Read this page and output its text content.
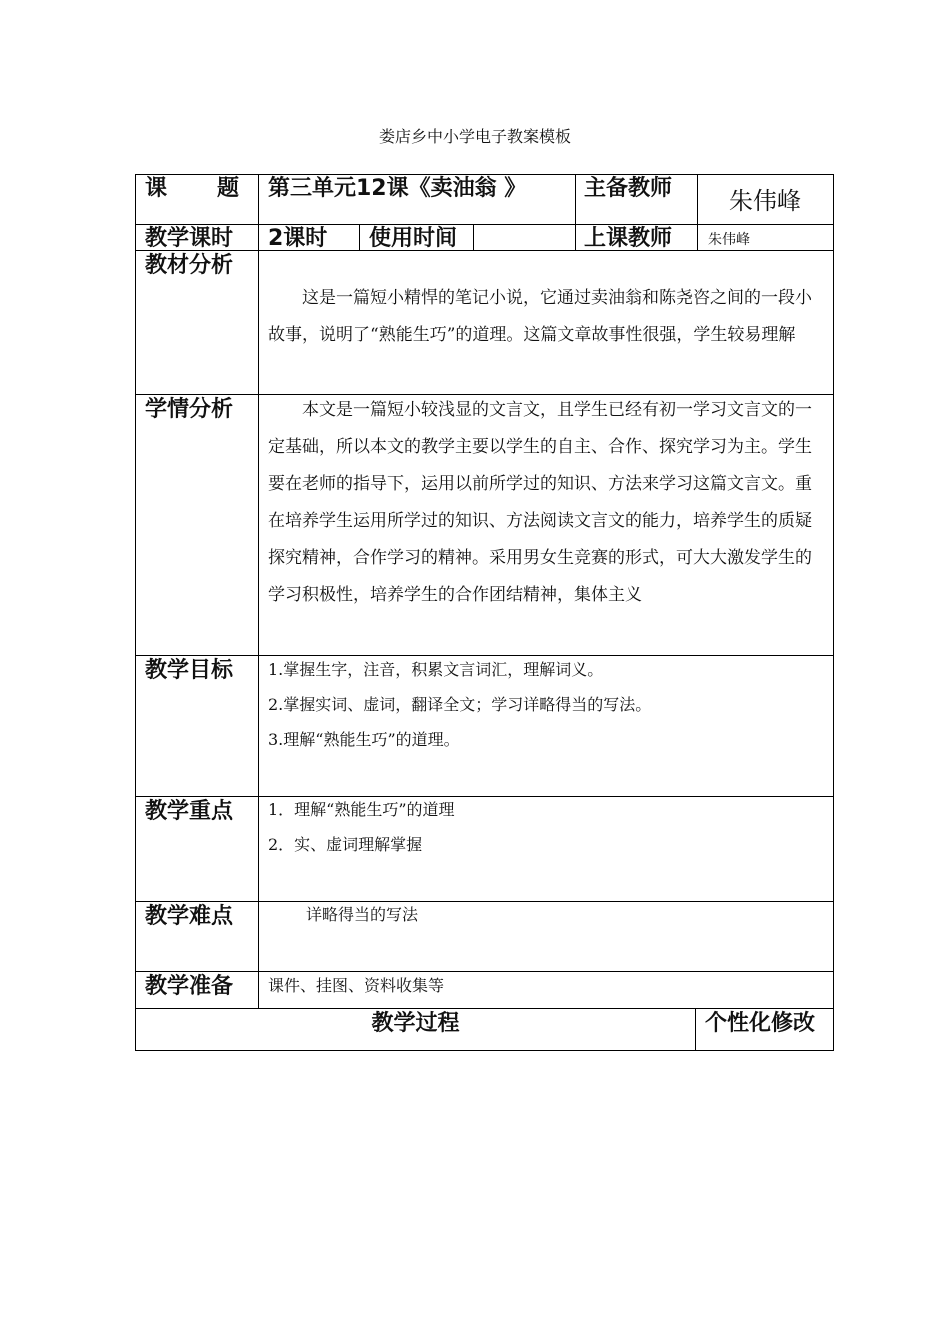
娄店乡中小学电子教案模板
课 题 第三单元12课《卖油翁 》	主备教师 朱伟峰
教学课时 2课时 使用时间	上课教师	朱伟峰
教材分析
这是一篇短小精悍的笔记小说，它通过卖油翁和陈尧咨之间的一段小故事，说明了“熟能生巧”的道理。这篇文章故事性很强，学生较易理解
学情分析	本文是一篇短小较浅显的文言文，且学生已经有初一学习文言文的一定基础，所以本文的教学主要以学生的自主、合作、探究学习为主。学生要在老师的指导下，运用以前所学过的知识、方法来学习这篇文言文。重在培养学生运用所学过的知识、方法阅读文言文的能力，培养学生的质疑探究精神，合作学习的精神。采用男女生竞赛的形式，可大大激发学生的学习积极性，培养学生的合作团结精神，集体主义
教学目标 1.掌握生字，注音，积累文言词汇，理解词义。
2.掌握实词、虚词，翻译全文；学习详略得当的写法。
3.理解“熟能生巧”的道理。
教学重点 1．理解“熟能生巧”的道理
2．实、虚词理解掌握
教学难点	详略得当的写法
教学准备 课件、挂图、资料收集等
教学过程	个性化修改
